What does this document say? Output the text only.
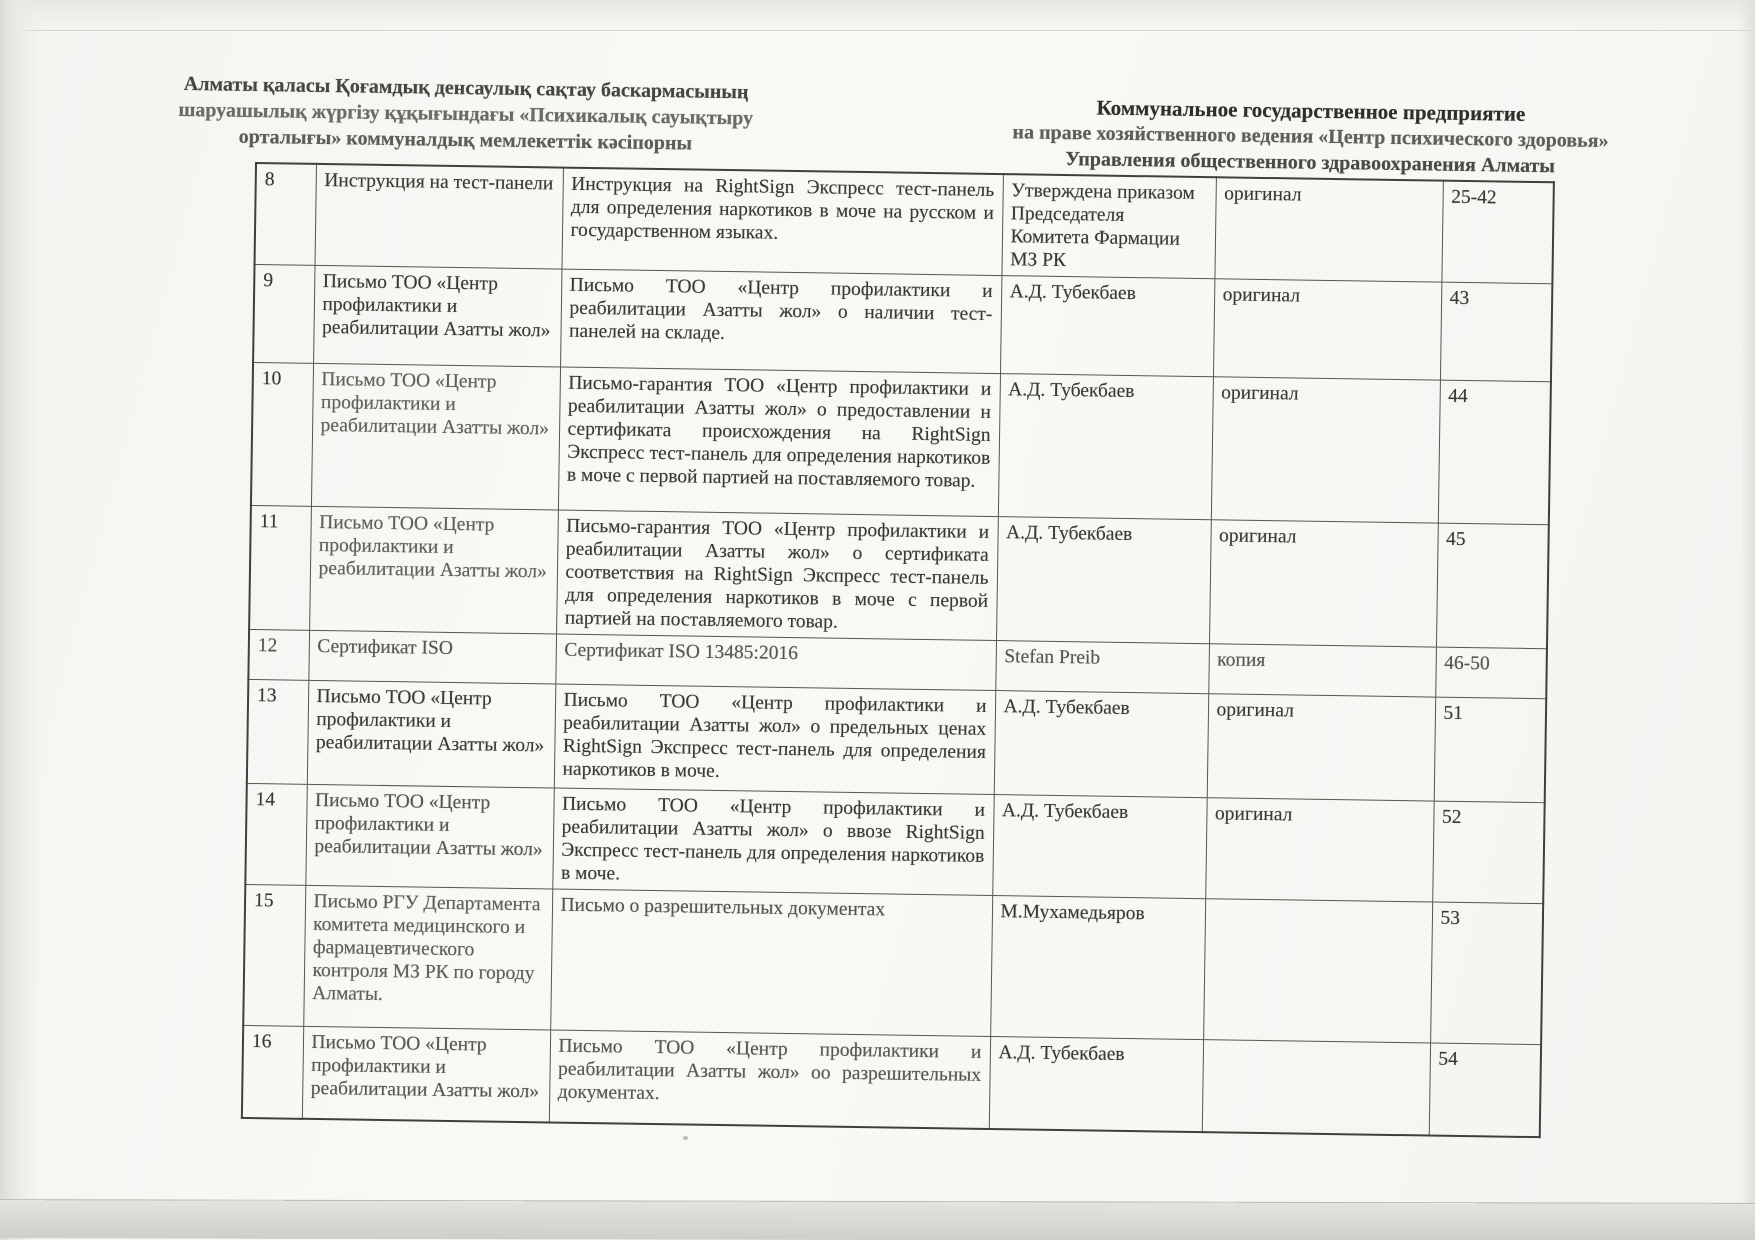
Алматы қаласы Қоғамдық денсаулық сақтау баскармасының
шаруашылық жүргізу құқығындағы «Психикалық сауықтыру
орталығы» коммуналдық мемлекеттік кәсіпорны
Коммунальное государственное предприятие
на праве хозяйственного ведения «Центр психического здоровья»
Управления общественного здравоохранения Алматы
8	Инструкция на тест-панели	Инструкция на RightSign Экспресс тест-панель для определения наркотиков в моче на русском и государственном языках.	Утверждена приказом Председателя Комитета Фармации МЗ РК	оригинал	25-42
9	Письмо ТОО «Центр профилактики и реабилитации Азатты жол»	Письмо ТОО «Центр профилактики и реабилитации Азатты жол» о наличии тест-панелей на складе.	А.Д. Тубекбаев	оригинал	43
10	Письмо ТОО «Центр профилактики и реабилитации Азатты жол»	Письмо-гарантия ТОО «Центр профилактики и реабилитации Азатты жол» о предоставлении н сертификата происхождения на RightSign Экспресс тест-панель для определения наркотиков в моче с первой партией на поставляемого товар.	А.Д. Тубекбаев	оригинал	44
11	Письмо ТОО «Центр профилактики и реабилитации Азатты жол»	Письмо-гарантия ТОО «Центр профилактики и реабилитации Азатты жол» о сертификата соответствия на RightSign Экспресс тест-панель для определения наркотиков в моче с первой партией на поставляемого товар.	А.Д. Тубекбаев	оригинал	45
12	Сертификат ISO	Сертификат ISO 13485:2016	Stefan Preib	копия	46-50
13	Письмо ТОО «Центр профилактики и реабилитации Азатты жол»	Письмо ТОО «Центр профилактики и реабилитации Азатты жол» о предельных ценах RightSign Экспресс тест-панель для определения наркотиков в моче.	А.Д. Тубекбаев	оригинал	51
14	Письмо ТОО «Центр профилактики и реабилитации Азатты жол»	Письмо ТОО «Центр профилактики и реабилитации Азатты жол» о ввозе RightSign Экспресс тест-панель для определения наркотиков в моче.	А.Д. Тубекбаев	оригинал	52
15	Письмо РГУ Департамента комитета медицинского и фармацевтического контроля МЗ РК по городу Алматы.	Письмо о разрешительных документах	М.Мухамедьяров		53
16	Письмо ТОО «Центр профилактики и реабилитации Азатты жол»	Письмо ТОО «Центр профилактики и реабилитации Азатты жол» оо разрешительных документах.	А.Д. Тубекбаев		54
